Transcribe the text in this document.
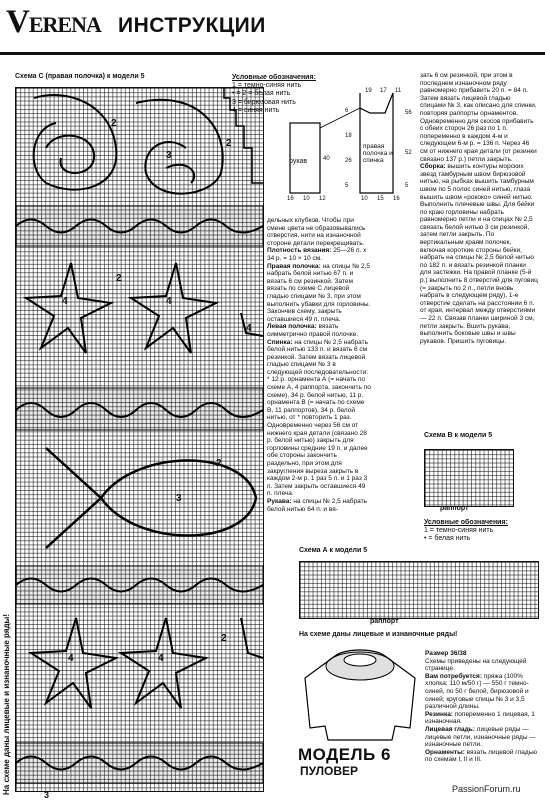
VERENA ИНСТРУКЦИИ
Схема С (правая полочка) к модели 5
2
3
2
4
2
4
4
2
3
4	4
2
На схеме даны лицевые и изнаночные ряды!
Условные обозначения:
1 = темно-синяя нить
• = 2 = белая нить
3 = бирюзовая нить
4 = синяя нить
рукав
правая полочка и спинка
19 17 11
56
52
40
18
26
5
16 10 12	10 15 16
6
5

дельных клубков. Чтобы при смене цвета не образовывались отверстия, нити на изнаночной стороне детали перекрещивать.

Плотность вязания: 25—26 п. х 34 р. = 10 × 10 см.

Правая полочка: на спицы № 2,5 набрать белой нитью 67 п. и вязать 6 см резинкой. Затем вязать по схеме С лицевой гладью спицами № 3, при этом выполнить убавки для горловины. Закончив схему, закрыть оставшиеся 49 п. плеча.

Левая полочка: вязать симметрично правой полочке.

Спинка: на спицы № 2,5 набрать белой нитью 133 п. и вязать 6 см резинкой. Затем вязать лицевой гладью спицами № 3 в следующей последовательности: * 12 р. орнамента А (= начать по схеме А, 4 раппорта, закончить по схеме), 34 р. белой нитью, 11 р. орнамента В (= начать по схеме В, 11 раппортов), 34 р. белой нитью, от * повторить 1 раз. Одновременно через 56 см от нижнего края детали (связано 28 р. белой нитью) закрыть для горловины средние 19 п. и далее обе стороны закончить раздельно, при этом для закругления выреза закрыть в каждом 2-м р. 1 раз 5 п. и 1 раз 3 п. Затем закрыть оставшиеся 49 п. плеча.

Рукава: на спицы № 2,5 набрать белой нитью 64 п. и вя-

зать 6 см резинкой, при этом в последнем изнаночном ряду равномерно прибавить 20 п. = 84 п. Затем вязать лицевой гладью спицами № 3, как описано для спинки, повторяя раппорты орнаментов. Одновременно для скосов прибавить с обеих сторон 26 раз по 1 п. попеременно в каждом 4-м и следующем 6-м р. = 136 п. Через 46 см от нижнего края детали (от резинки связано 137 р.) петли закрыть.

Сборка: вышить контуры морских звезд тамбурным швом бирюзовой нитью, на рыбках вышить тамбурным швом по 5 полос синей нитью, глаза вышить швом «рококо» синей нитью. Выполнить плечевые швы. Для бейки по краю горловины набрать равномерно петли и на спицах № 2,5 связать белой нитью 3 см резинкой, затем петли закрыть. По вертикальным краям полочек, включая короткие стороны бейки, набрать на спицы № 2,5 белой нитью по 182 п. и вязать резинкой планки для застежки. На правой планке (5-й р.) выполнить 8 отверстий для пуговиц (= закрыть по 2 п., петли вновь набрать в следующем ряду), 1-е отверстие сделать на расстоянии 6 п. от края, интервал между отверстиями — 22 п. Связав планки шириной 3 см, петли закрыть. Вшить рукава, выполнить боковые швы и швы рукавов. Пришить пуговицы.

Схема В к модели 5
раппорт
Условные обозначения:
1 = темно-синяя нить
• = белая нить
Схема А к модели 5
раппорт
На схеме даны лицевые и изнаночные ряды!
Размер 36/38
Схемы приведены на следующей странице.
Вам потребуется: пряжа (100% хлопка; 110 м/50 г) — 550 г темно-синей, по 50 г белой, бирюзовой и синей; круговые спицы № 3 и 3,5 различной длины.
Резинка: попеременно 1 лицевая, 1 изнаночная.
Лицевая гладь: лицевые ряды — лицевые петли, изнаночные ряды — изнаночные петли.
Орнаменты: вязать лицевой гладью по схемам I, II и III.
МОДЕЛЬ 6
ПУЛОВЕР
3
PassionForum.ru
